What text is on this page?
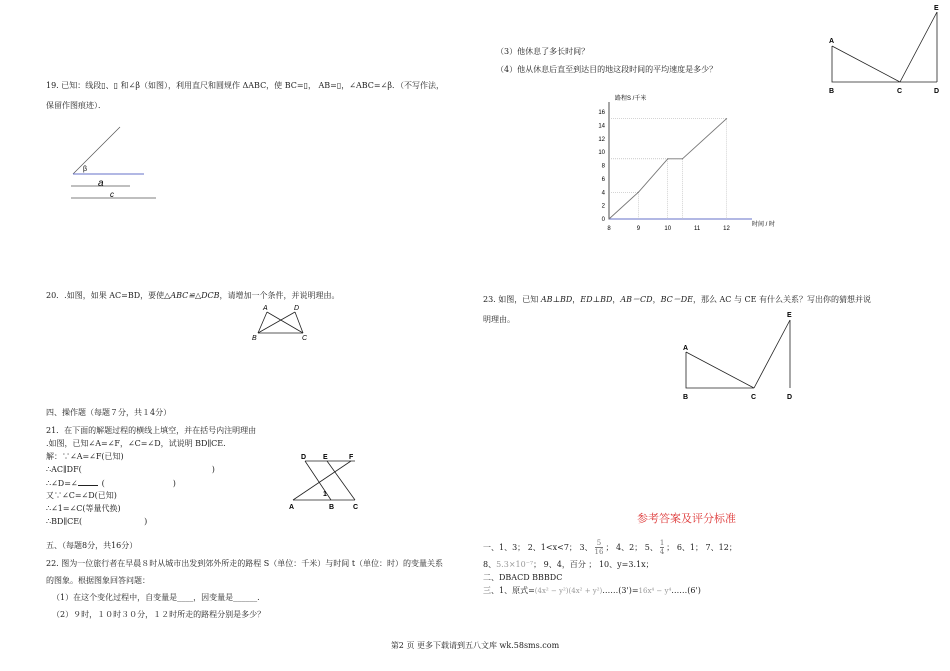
A
B	C	D
E
19. 已知：线段▯、▯ 和∠β（如图），利用直尺和圆规作 ΔABC，使 BC=▯， AB=▯，∠ABC=∠β．（不写作法，
保留作图痕迹）．
β
a
c
20．.如图，如果 AC=BD，要使△ABC≌△DCB，请增加一个条件，并说明理由。
A	D
B	C
四、操作题（每题７分，共１4分）
21．在下面的解题过程的横线上填空，并在括号内注明理由
.如图，已知∠A=∠F，∠C=∠D，试说明 BD∥CE.
解：∵∠A=∠F(已知)
∴AC∥DF(	)
∴∠D=∠	(	)
又∵∠C=∠D(已知)
∴∠1=∠C(等量代换)
∴BD∥CE(	)
D E	F
1
A	B	C
五、（每题8分，共16分）
22. 图为一位旅行者在早晨８时从城市出发到郊外所走的路程 S（单位：千米）与时间 t（单位：时）的变量关系
的图象。根据图象回答问题：
（1）在这个变化过程中，自变量是____，因变量是______.
（2）９时，１０时３０分，１２时所走的路程分别是多少？
（3）他休息了多长时间？
（4）他从休息后直至到达目的地这段时间的平均速度是多少？
时间 / 时
路程S /千米
0
2
4
6
8
10
12
14
16
8	9	10	11	12
23. 如图，已知 AB⊥BD，ED⊥BD，AB＝CD，BC＝DE，那么 AC 与 CE 有什么关系？写出你的猜想并说
明理由。
A
B	C	D
E
参考答案及评分标准
一、1、3； 2、1<x<7； 3、 $\frac{5}{16}$ ； 4、2； 5、 $\frac{1}{4}$ ； 6、1； 7、12；
8、5.3×10⁻⁷； 9、4，百分 ； 10、y=3.1x；
二、DBACD BBBDC
三、1、原式=(4x² − y²)(4x² + y²)……(3')=16x⁴ − y⁴……(6')
第2 页 更多下载请到五八文库 wk.58sms.com
